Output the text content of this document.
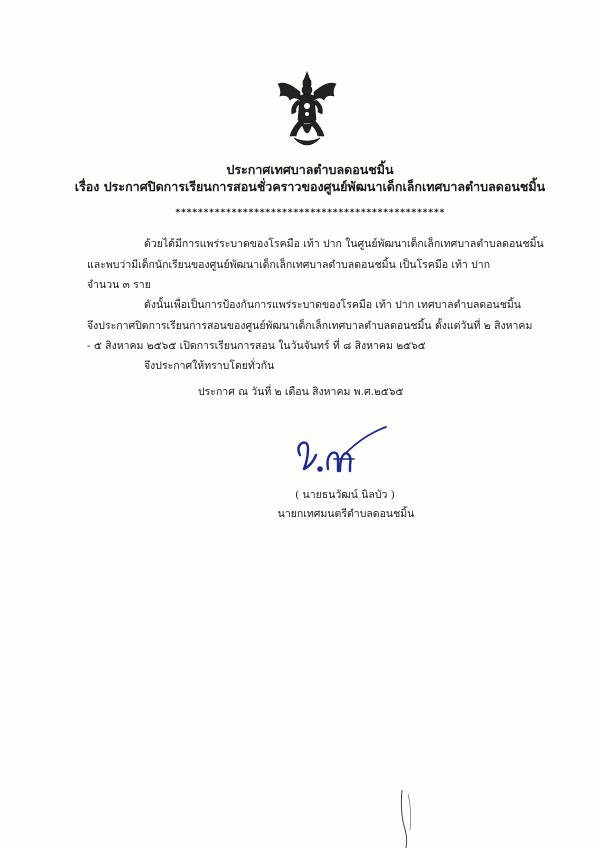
ประกาศเทศบาลตำบลดอนชมิ้น
เรื่อง ประกาศปิดการเรียนการสอนชั่วคราวของศูนย์พัฒนาเด็กเล็กเทศบาลตำบลดอนชมิ้น
************************************************
ด้วยได้มีการแพร่ระบาดของโรคมือ เท้า ปาก ในศูนย์พัฒนาเด็กเล็กเทศบาลตำบลดอนชมิ้น
และพบว่ามีเด็กนักเรียนของศูนย์พัฒนาเด็กเล็กเทศบาลตำบลดอนชมิ้น เป็นโรคมือ เท้า ปาก
จำนวน ๓ ราย
ดังนั้นเพื่อเป็นการป้องกันการแพร่ระบาดของโรคมือ เท้า ปาก เทศบาลตำบลดอนชมิ้น
จึงประกาศปิดการเรียนการสอนของศูนย์พัฒนาเด็กเล็กเทศบาลตำบลดอนชมิ้น ตั้งแต่วันที่ ๒ สิงหาคม
- ๕ สิงหาคม ๒๕๖๕ เปิดการเรียนการสอน ในวันจันทร์ ที่ ๘ สิงหาคม ๒๕๖๕
จึงประกาศให้ทราบโดยทั่วกัน
ประกาศ ณ วันที่ ๒ เดือน สิงหาคม พ.ศ.๒๕๖๕
( นายธนวัฒน์ นิลบัว )
นายกเทศมนตรีตำบลดอนชมิ้น
